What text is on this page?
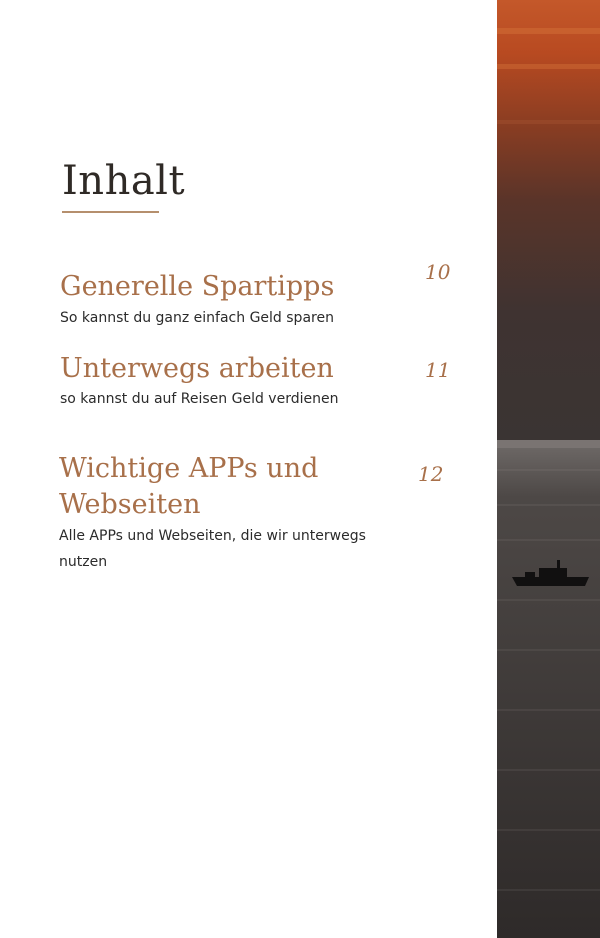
Inhalt
Generelle Spartipps
So kannst du ganz einfach Geld sparen
10
Unterwegs arbeiten
so kannst du auf Reisen Geld verdienen
11
Wichtige APPs und
Webseiten
Alle APPs und Webseiten, die wir unterwegs
nutzen
12
